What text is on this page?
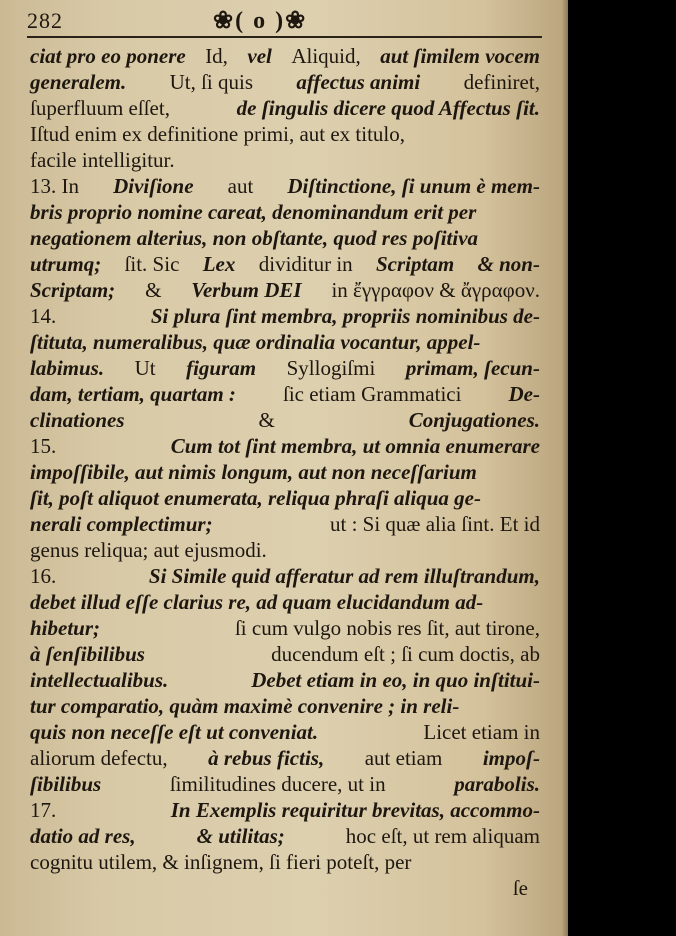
282	❀( o )❀
ciat pro eo ponere Id, vel Aliquid, aut ſimilem vocem
generalem. Ut, ſi quis affectus animi definiret,
ſuperfluum eſſet,	de ſingulis dicere quod Affectus ſit.
Iſtud enim ex definitione primi, aut ex titulo,
facile intelligitur.
13. In Diviſione aut Diſtinctione, ſi unum è mem-
bris proprio nomine careat, denominandum erit per
negationem alterius, non obſtante, quod res poſitiva
utrumq; ſit. Sic Lex dividitur in Scriptam & non-
Scriptam; & Verbum DEI in ἔγγραφον & ἄγραφον.
14.	Si plura ſint membra, propriis nominibus de-
ſtituta, numeralibus, quæ ordinalia vocantur, appel-
labimus. Ut figuram Syllogiſmi primam, ſecun-
dam, tertiam, quartam : ſic etiam Grammatici De-
clinationes	&	Conjugationes.
15.	Cum tot ſint membra, ut omnia enumerare
impoſſibile, aut nimis longum, aut non neceſſarium
ſit, poſt aliquot enumerata, reliqua phraſi aliqua ge-
nerali complectimur;	ut : Si quæ alia ſint. Et id
genus reliqua; aut ejusmodi.
16.	Si Simile quid afferatur ad rem illuſtrandum,
debet illud eſſe clarius re, ad quam elucidandum ad-
hibetur;	ſi cum vulgo nobis res ſit, aut tirone,
à ſenſibilibus	ducendum eſt ; ſi cum doctis, ab
intellectualibus.	Debet etiam in eo, in quo inſtitui-
tur comparatio, quàm maximè convenire ; in reli-
quis non neceſſe eſt ut conveniat.	Licet etiam in
aliorum defectu, à rebus fictis, aut etiam impoſ-
ſibilibus	ſimilitudines ducere, ut in	parabolis.
17.	In Exemplis requiritur brevitas, accommo-
datio ad res,	& utilitas;	hoc eſt, ut rem aliquam
cognitu utilem, & inſignem, ſi fieri poteſt, per
ſe
